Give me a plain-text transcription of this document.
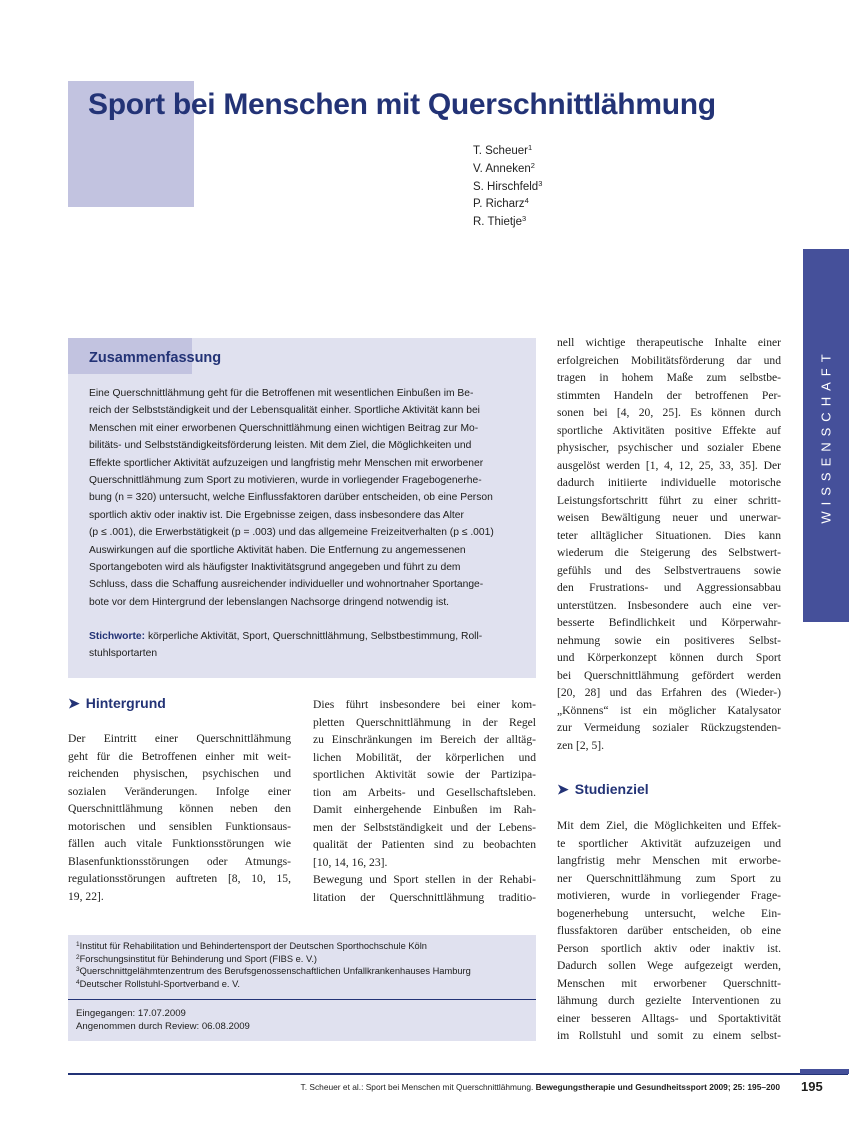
Sport bei Menschen mit Querschnittlähmung
T. Scheuer$^1$
V. Anneken$^2$
S. Hirschfeld$^3$
P. Richarz$^4$
R. Thietje$^3$
WISSENSCHAFT
Zusammenfassung

Eine Querschnittlähmung geht für die Betroffenen mit wesentlichen Einbußen im Be-
reich der Selbstständigkeit und der Lebensqualität einher. Sportliche Aktivität kann bei
Menschen mit einer erworbenen Querschnittlähmung einen wichtigen Beitrag zur Mo-
bilitäts- und Selbstständigkeitsförderung leisten. Mit dem Ziel, die Möglichkeiten und
Effekte sportlicher Aktivität aufzuzeigen und langfristig mehr Menschen mit erworbener
Querschnittlähmung zum Sport zu motivieren, wurde in vorliegender Fragebogenerhe-
bung (n = 320) untersucht, welche Einflussfaktoren darüber entscheiden, ob eine Person
sportlich aktiv oder inaktiv ist. Die Ergebnisse zeigen, dass insbesondere das Alter
(p ≤ .001), die Erwerbstätigkeit (p = .003) und das allgemeine Freizeitverhalten (p ≤ .001)
Auswirkungen auf die sportliche Aktivität haben. Die Entfernung zu angemessenen
Sportangeboten wird als häufigster Inaktivitätsgrund angegeben und führt zu dem
Schluss, dass die Schaffung ausreichender individueller und wohnortnaher Sportange-
bote vor dem Hintergrund der lebenslangen Nachsorge dringend notwendig ist.

Stichworte: körperliche Aktivität, Sport, Querschnittlähmung, Selbstbestimmung, Roll-
stuhlsportarten

➤ Hintergrund
Der Eintritt einer Querschnittlähmung
geht für die Betroffenen einher mit weit-
reichenden physischen, psychischen und
sozialen Veränderungen. Infolge einer
Querschnittlähmung können neben den
motorischen und sensiblen Funktionsaus-
fällen auch vitale Funktionsstörungen wie
Blasenfunktionsstörungen oder Atmungs-
regulationsstörungen auftreten [8, 10, 15,
19, 22].
Dies führt insbesondere bei einer kom-
pletten Querschnittlähmung in der Regel
zu Einschränkungen im Bereich der alltäg-
lichen Mobilität, der körperlichen und
sportlichen Aktivität sowie der Partizipa-
tion am Arbeits- und Gesellschaftsleben.
Damit einhergehende Einbußen im Rah-
men der Selbstständigkeit und der Lebens-
qualität der Patienten sind zu beobachten
[10, 14, 16, 23].
Bewegung und Sport stellen in der Rehabi-
litation der Querschnittlähmung traditio-
nell wichtige therapeutische Inhalte einer
erfolgreichen Mobilitätsförderung dar und
tragen in hohem Maße zum selbstbe-
stimmten Handeln der betroffenen Per-
sonen bei [4, 20, 25]. Es können durch
sportliche Aktivitäten positive Effekte auf
physischer, psychischer und sozialer Ebene
ausgelöst werden [1, 4, 12, 25, 33, 35]. Der
dadurch initiierte individuelle motorische
Leistungsfortschritt führt zu einer schritt-
weisen Bewältigung neuer und unerwar-
teter alltäglicher Situationen. Dies kann
wiederum die Steigerung des Selbstwert-
gefühls und des Selbstvertrauens sowie
den Frustrations- und Aggressionsabbau
unterstützen. Insbesondere auch eine ver-
besserte Befindlichkeit und Körperwahr-
nehmung sowie ein positiveres Selbst-
und Körperkonzept können durch Sport
bei Querschnittlähmung gefördert werden
[20, 28] und das Erfahren des (Wieder-)
„Könnens“ ist ein möglicher Katalysator
zur Vermeidung sozialer Rückzugstenden-
zen [2, 5].
➤ Studienziel
Mit dem Ziel, die Möglichkeiten und Effek-
te sportlicher Aktivität aufzuzeigen und
langfristig mehr Menschen mit erworbe-
ner Querschnittlähmung zum Sport zu
motivieren, wurde in vorliegender Frage-
bogenerhebung untersucht, welche Ein-
flussfaktoren darüber entscheiden, ob eine
Person sportlich aktiv oder inaktiv ist.
Dadurch sollen Wege aufgezeigt werden,
Menschen mit erworbener Querschnitt-
lähmung durch gezielte Interventionen zu
einer besseren Alltags- und Sportaktivität
im Rollstuhl und somit zu einem selbst-
$^1$Institut für Rehabilitation und Behindertensport der Deutschen Sporthochschule Köln
$^2$Forschungsinstitut für Behinderung und Sport (FIBS e. V.)
$^3$Querschnittgelähmtenzentrum des Berufsgenossenschaftlichen Unfallkrankenhauses Hamburg
$^4$Deutscher Rollstuhl-Sportverband e. V.
Eingegangen: 17.07.2009
Angenommen durch Review: 06.08.2009
T. Scheuer et al.: Sport bei Menschen mit Querschnittlähmung. Bewegungstherapie und Gesundheitssport 2009; 25: 195–200 195
